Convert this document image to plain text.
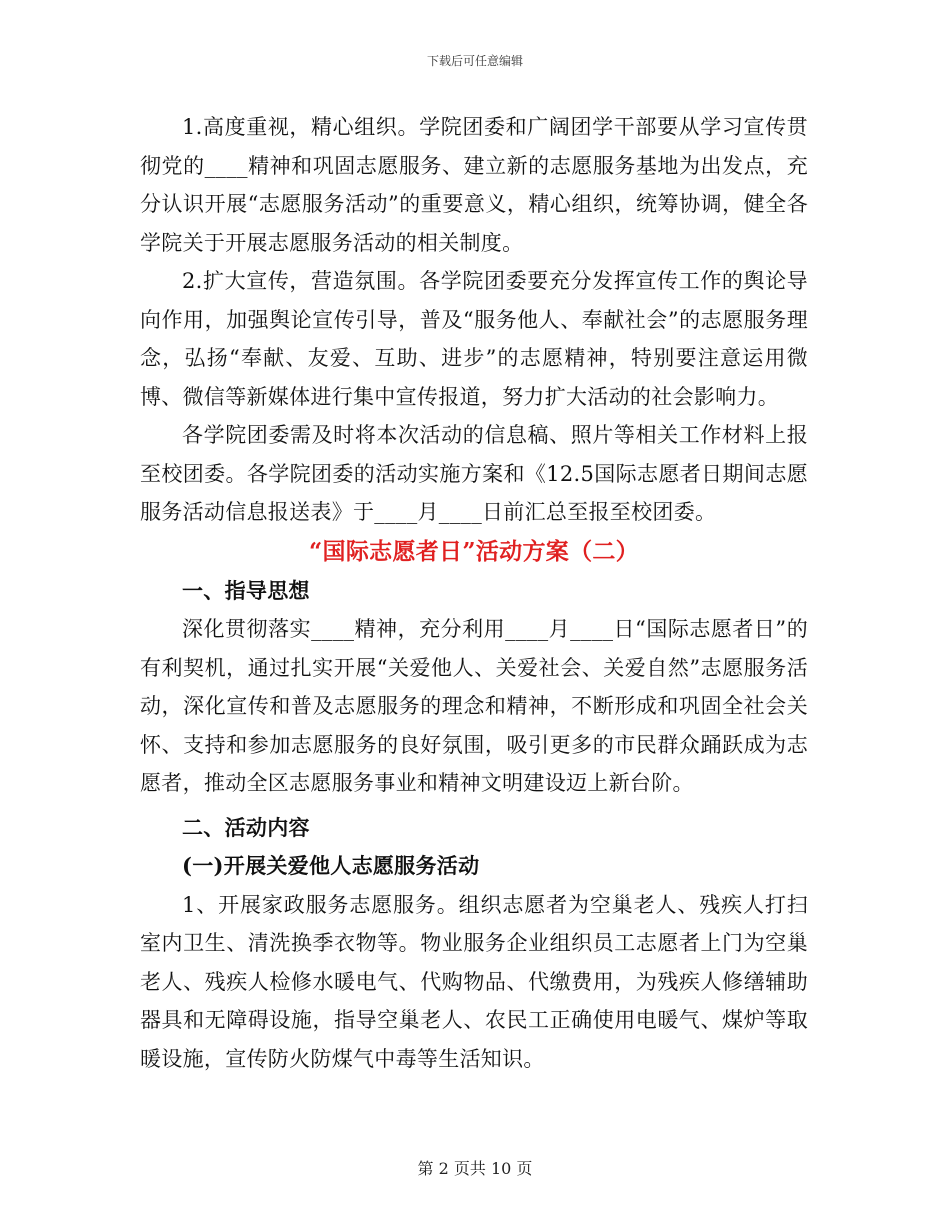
下载后可任意编辑

1.高度重视，精心组织。学院团委和广阔团学干部要从学习宣传贯彻党的____精神和巩固志愿服务、建立新的志愿服务基地为出发点，充分认识开展“志愿服务活动”的重要意义，精心组织，统筹协调，健全各学院关于开展志愿服务活动的相关制度。

2.扩大宣传，营造氛围。各学院团委要充分发挥宣传工作的舆论导向作用，加强舆论宣传引导，普及“服务他人、奉献社会”的志愿服务理念，弘扬“奉献、友爱、互助、进步”的志愿精神，特别要注意运用微博、微信等新媒体进行集中宣传报道，努力扩大活动的社会影响力。

各学院团委需及时将本次活动的信息稿、照片等相关工作材料上报至校团委。各学院团委的活动实施方案和《12.5国际志愿者日期间志愿服务活动信息报送表》于____月____日前汇总至报至校团委。

“国际志愿者日”活动方案（二）

一、指导思想

深化贯彻落实____精神，充分利用____月____日“国际志愿者日”的有利契机，通过扎实开展“关爱他人、关爱社会、关爱自然”志愿服务活动，深化宣传和普及志愿服务的理念和精神，不断形成和巩固全社会关怀、支持和参加志愿服务的良好氛围，吸引更多的市民群众踊跃成为志愿者，推动全区志愿服务事业和精神文明建设迈上新台阶。

二、活动内容

(一)开展关爱他人志愿服务活动

1、开展家政服务志愿服务。组织志愿者为空巢老人、残疾人打扫室内卫生、清洗换季衣物等。物业服务企业组织员工志愿者上门为空巢老人、残疾人检修水暖电气、代购物品、代缴费用，为残疾人修缮辅助器具和无障碍设施，指导空巢老人、农民工正确使用电暖气、煤炉等取暖设施，宣传防火防煤气中毒等生活知识。

第 2 页共 10 页
